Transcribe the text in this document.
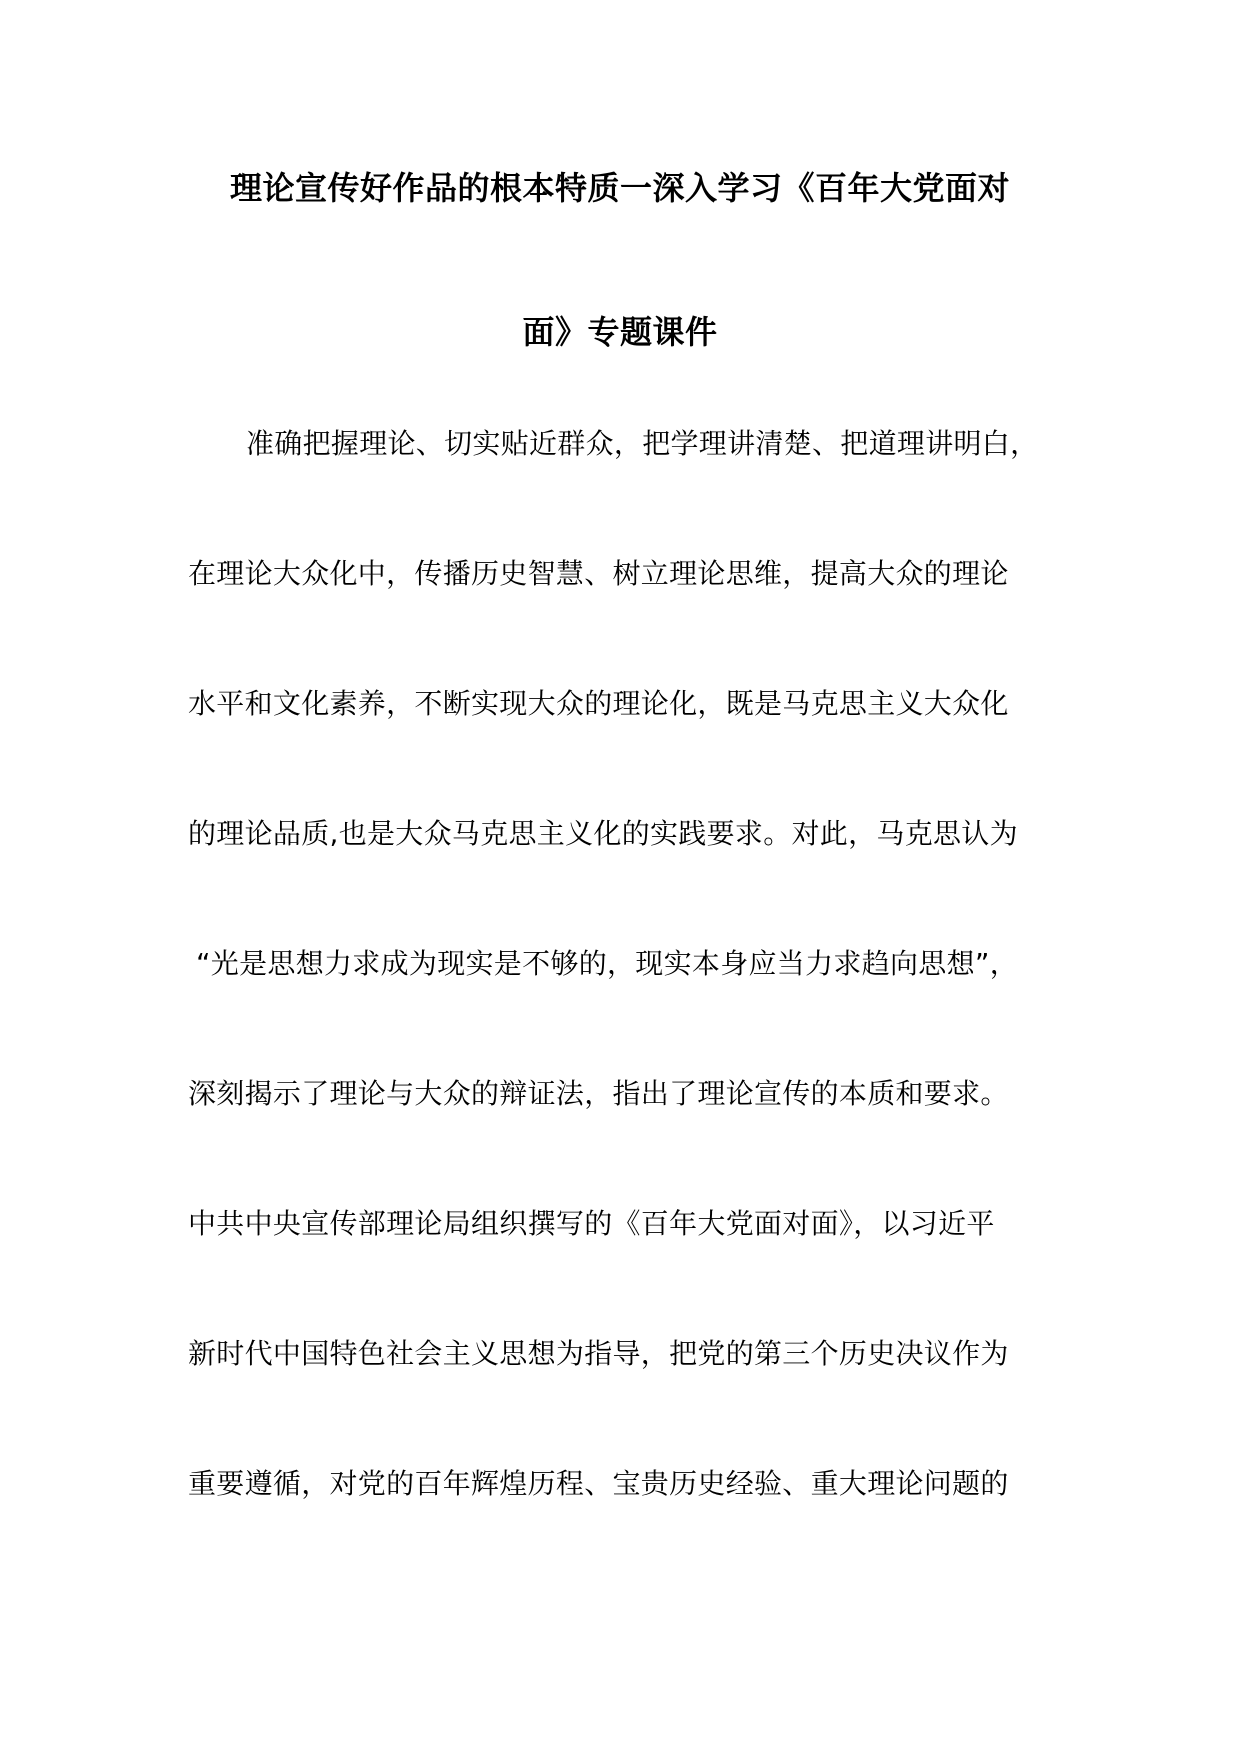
理论宣传好作品的根本特质一深入学习《百年大党面对
面》专题课件
准确把握理论、切实贴近群众，把学理讲清楚、把道理讲明白，
在理论大众化中，传播历史智慧、树立理论思维，提高大众的理论
水平和文化素养，不断实现大众的理论化，既是马克思主义大众化
的理论品质,也是大众马克思主义化的实践要求。对此，马克思认为
“光是思想力求成为现实是不够的，现实本身应当力求趋向思想”，
深刻揭示了理论与大众的辩证法，指出了理论宣传的本质和要求。
中共中央宣传部理论局组织撰写的《百年大党面对面》，以习近平
新时代中国特色社会主义思想为指导，把党的第三个历史决议作为
重要遵循，对党的百年辉煌历程、宝贵历史经验、重大理论问题的
